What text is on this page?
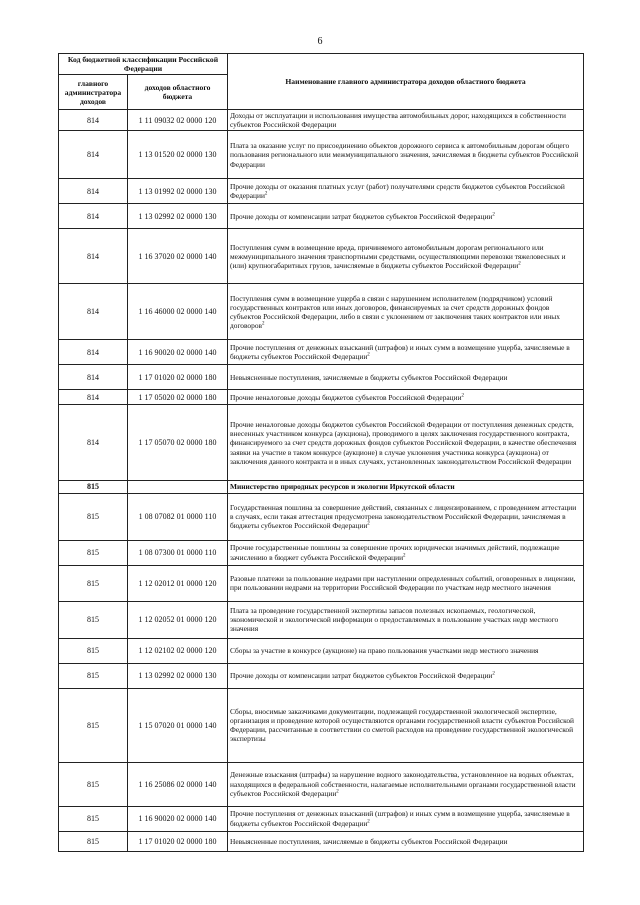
6
Код бюджетной классификации Российской Федерации		Наименование главного администратора доходов областного бюджета
главного администратора доходов	доходов областного бюджета	
814	1 11 09032 02 0000 120	Доходы от эксплуатации и использования имущества автомобильных дорог, находящихся в собственности субъектов Российской Федерации
814	1 13 01520 02 0000 130	Плата за оказание услуг по присоединению объектов дорожного сервиса к автомобильным дорогам общего пользования регионального или межмуниципального значения, зачисляемая в бюджеты субъектов Российской Федерации
814	1 13 01992 02 0000 130	Прочие доходы от оказания платных услуг (работ) получателями средств бюджетов субъектов Российской Федерации$^2$
814	1 13 02992 02 0000 130	Прочие доходы от компенсации затрат бюджетов субъектов Российской Федерации$^2$
814	1 16 37020 02 0000 140	Поступления сумм в возмещение вреда, причиняемого автомобильным дорогам регионального или межмуниципального значения транспортными средствами, осуществляющими перевозки тяжеловесных и (или) крупногабаритных грузов, зачисляемые в бюджеты субъектов Российской Федерации$^2$
814	1 16 46000 02 0000 140	Поступления сумм в возмещение ущерба в связи с нарушением исполнителем (подрядчиком) условий государственных контрактов или иных договоров, финансируемых за счет средств дорожных фондов субъектов Российской Федерации, либо в связи с уклонением от заключения таких контрактов или иных договоров$^2$
814	1 16 90020 02 0000 140	Прочие поступления от денежных взысканий (штрафов) и иных сумм в возмещение ущерба, зачисляемые в бюджеты субъектов Российской Федерации$^2$
814	1 17 01020 02 0000 180	Невыясненные поступления, зачисляемые в бюджеты субъектов Российской Федерации
814	1 17 05020 02 0000 180	Прочие неналоговые доходы бюджетов субъектов Российской Федерации$^2$
814	1 17 05070 02 0000 180	Прочие неналоговые доходы бюджетов субъектов Российской Федерации от поступления денежных средств, внесенных участником конкурса (аукциона), проводимого в целях заключения государственного контракта, финансируемого за счет средств дорожных фондов субъектов Российской Федерации, в качестве обеспечения заявки на участие в таком конкурсе (аукционе) в случае уклонения участника конкурса (аукциона) от заключения данного контракта и в иных случаях, установленных законодательством Российской Федерации
815		Министерство природных ресурсов и экологии Иркутской области
815	1 08 07082 01 0000 110	Государственная пошлина за совершение действий, связанных с лицензированием, с проведением аттестации в случаях, если такая аттестация предусмотрена законодательством Российской Федерации, зачисляемая в бюджеты субъектов Российской Федерации$^2$
815	1 08 07300 01 0000 110	Прочие государственные пошлины за совершение прочих юридически значимых действий, подлежащие зачислению в бюджет субъекта Российской Федерации$^2$
815	1 12 02012 01 0000 120	Разовые платежи за пользование недрами при наступлении определенных событий, оговоренных в лицензии, при пользовании недрами на территории Российской Федерации по участкам недр местного значения
815	1 12 02052 01 0000 120	Плата за проведение государственной экспертизы запасов полезных ископаемых, геологической, экономической и экологической информации о предоставляемых в пользование участках недр местного значения
815	1 12 02102 02 0000 120	Сборы за участие в конкурсе (аукционе) на право пользования участками недр местного значения
815	1 13 02992 02 0000 130	Прочие доходы от компенсации затрат бюджетов субъектов Российской Федерации$^2$
815	1 15 07020 01 0000 140	Сборы, вносимые заказчиками документации, подлежащей государственной экологической экспертизе, организация и проведение которой осуществляются органами государственной власти субъектов Российской Федерации, рассчитанные в соответствии со сметой расходов на проведение государственной экологической экспертизы
815	1 16 25086 02 0000 140	Денежные взыскания (штрафы) за нарушение водного законодательства, установленное на водных объектах, находящихся в федеральной собственности, налагаемые исполнительными органами государственной власти субъектов Российской Федерации$^2$
815	1 16 90020 02 0000 140	Прочие поступления от денежных взысканий (штрафов) и иных сумм в возмещение ущерба, зачисляемые в бюджеты субъектов Российской Федерации$^2$
815	1 17 01020 02 0000 180	Невыясненные поступления, зачисляемые в бюджеты субъектов Российской Федерации
